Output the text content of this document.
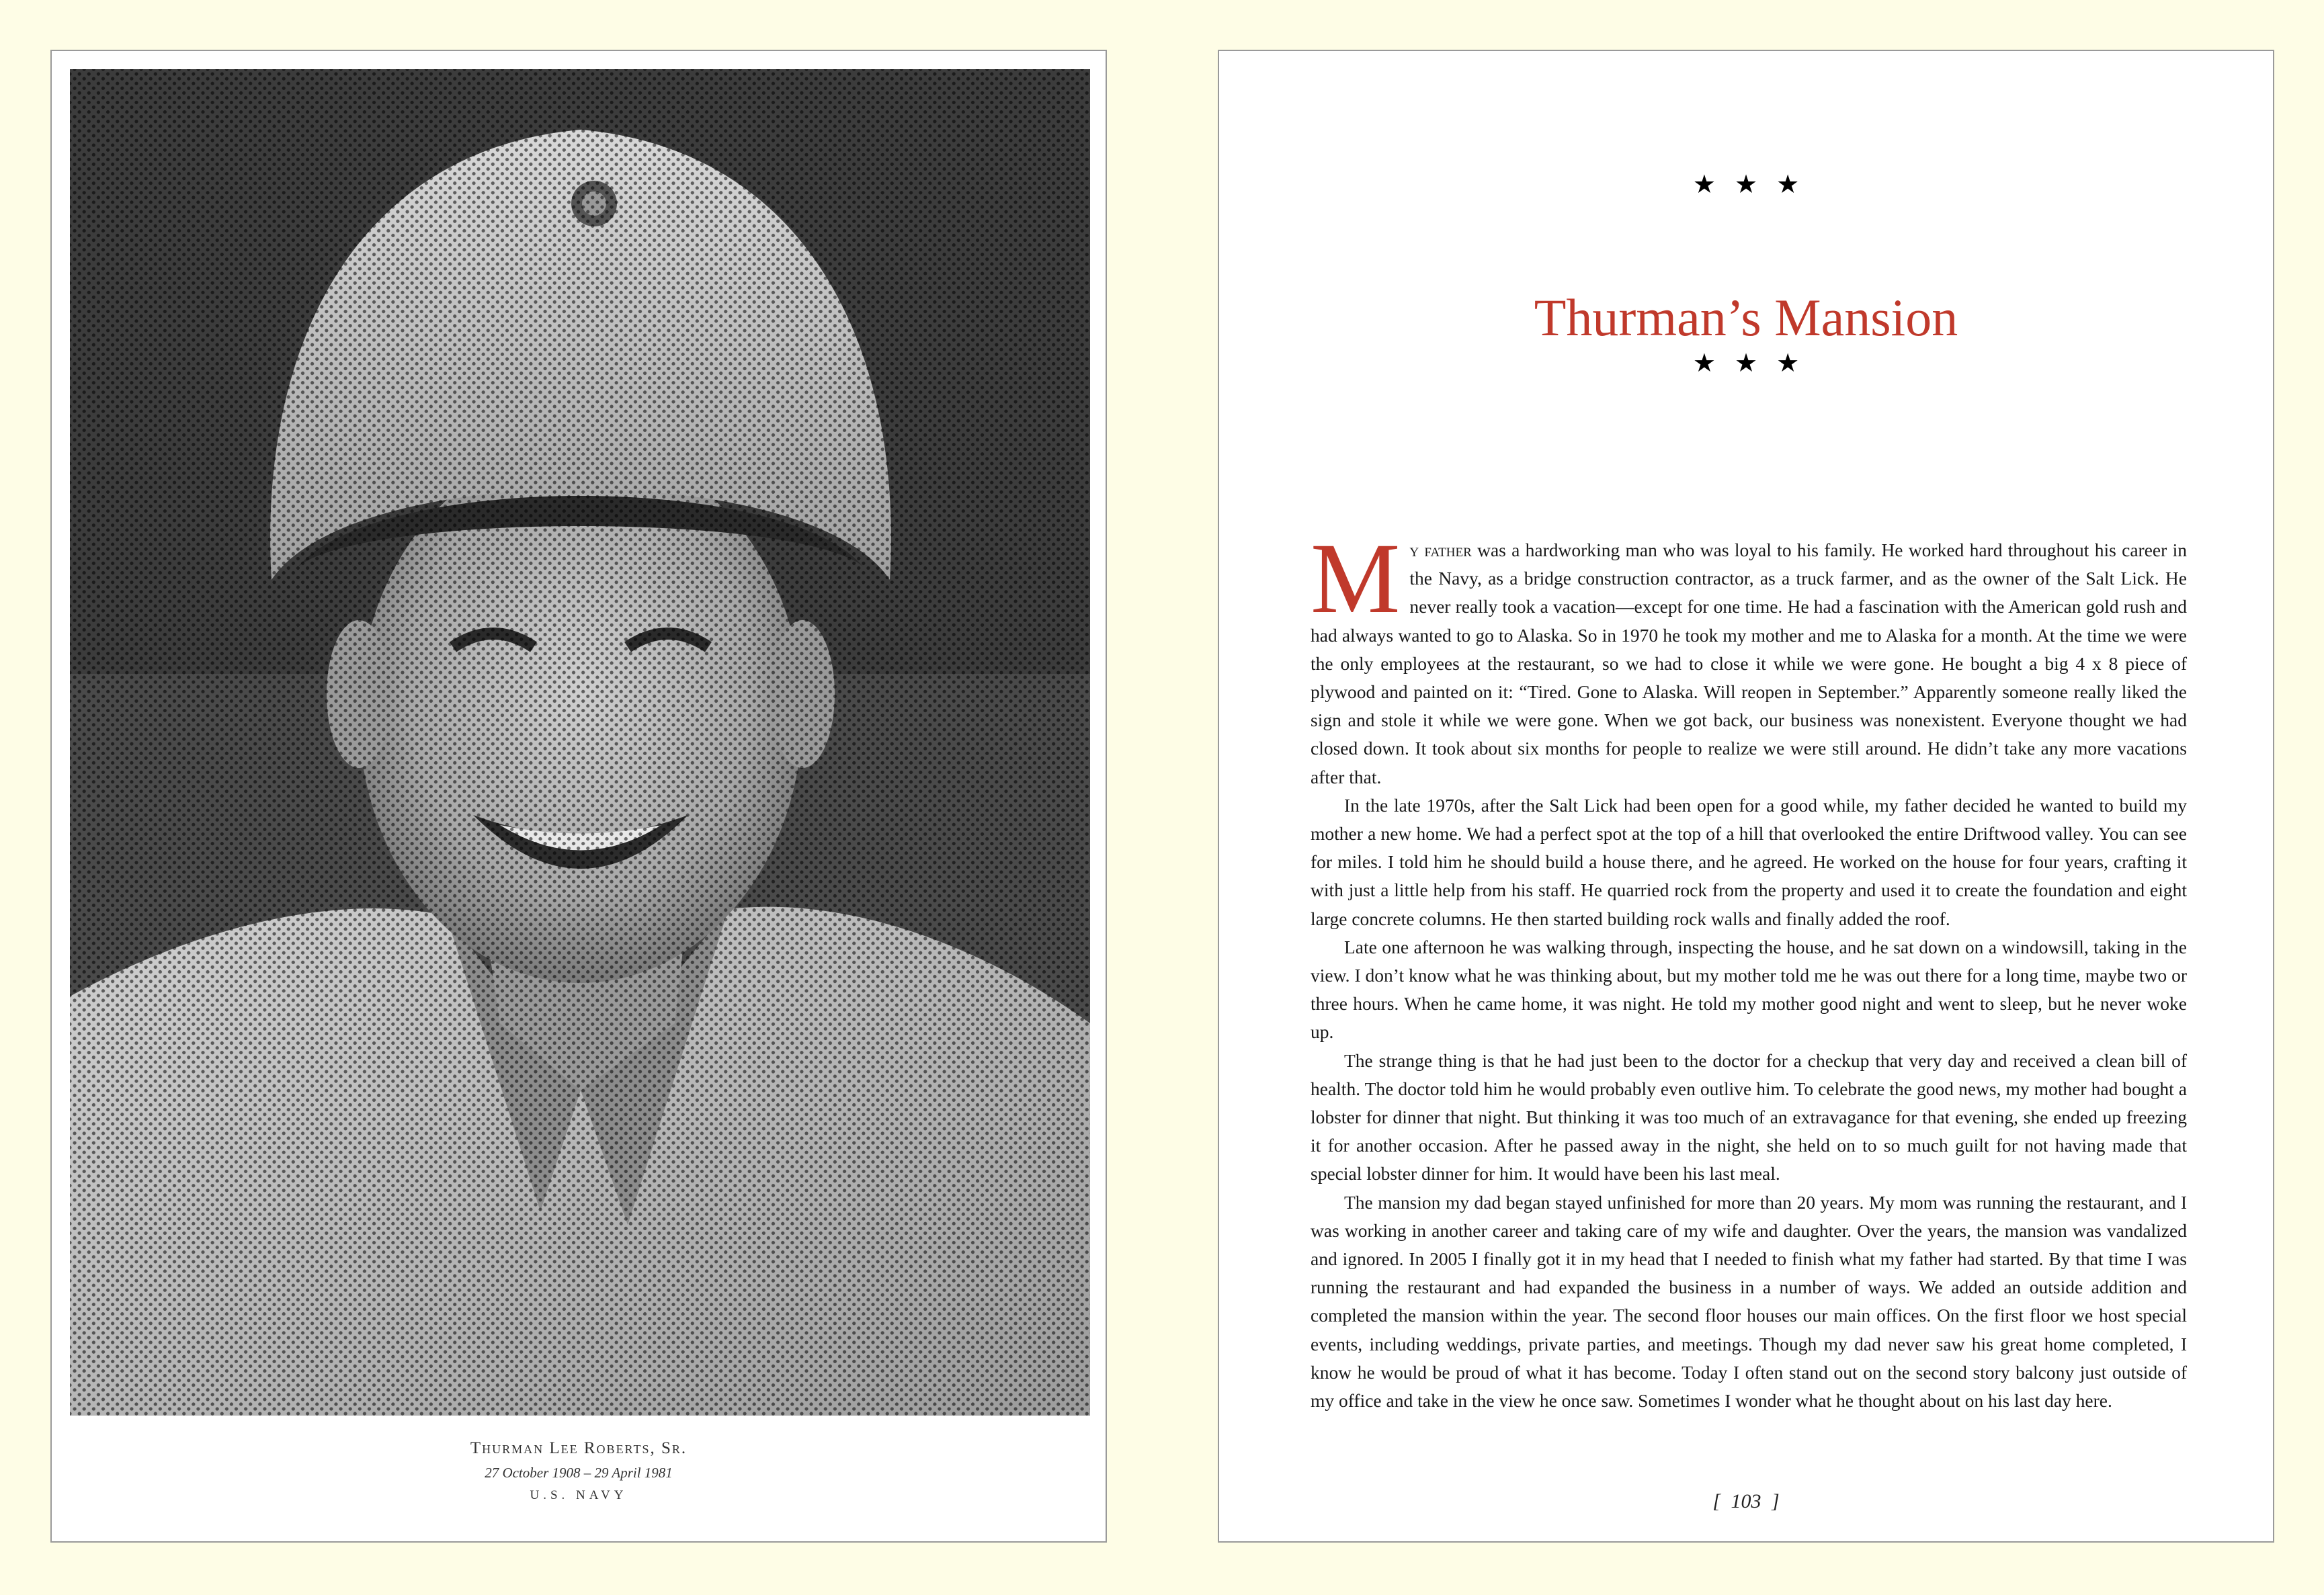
Thurman Lee Roberts, Sr.
27 October 1908 – 29 April 1981
U.S. NAVY
★ ★ ★
Thurman’s Mansion
★ ★ ★

My father was a hardworking man who was loyal to his family. He worked hard throughout his career in the Navy, as a bridge construction contractor, as a truck farmer, and as the owner of the Salt Lick. He never really took a vacation—except for one time. He had a fascination with the American gold rush and had always wanted to go to Alaska. So in 1970 he took my mother and me to Alaska for a month. At the time we were the only employees at the restaurant, so we had to close it while we were gone. He bought a big 4 x 8 piece of plywood and painted on it: “Tired. Gone to Alaska. Will reopen in September.” Apparently someone really liked the sign and stole it while we were gone. When we got back, our business was nonexistent. Everyone thought we had closed down. It took about six months for people to realize we were still around. He didn’t take any more vacations after that.

In the late 1970s, after the Salt Lick had been open for a good while, my father decided he wanted to build my mother a new home. We had a perfect spot at the top of a hill that overlooked the entire Driftwood valley. You can see for miles. I told him he should build a house there, and he agreed. He worked on the house for four years, crafting it with just a little help from his staff. He quarried rock from the property and used it to create the foundation and eight large concrete columns. He then started building rock walls and finally added the roof.

Late one afternoon he was walking through, inspecting the house, and he sat down on a windowsill, taking in the view. I don’t know what he was thinking about, but my mother told me he was out there for a long time, maybe two or three hours. When he came home, it was night. He told my mother good night and went to sleep, but he never woke up.

The strange thing is that he had just been to the doctor for a checkup that very day and received a clean bill of health. The doctor told him he would probably even outlive him. To celebrate the good news, my mother had bought a lobster for dinner that night. But thinking it was too much of an extravagance for that evening, she ended up freezing it for another occasion. After he passed away in the night, she held on to so much guilt for not having made that special lobster dinner for him. It would have been his last meal.

The mansion my dad began stayed unfinished for more than 20 years. My mom was running the restaurant, and I was working in another career and taking care of my wife and daughter. Over the years, the mansion was vandalized and ignored. In 2005 I finally got it in my head that I needed to finish what my father had started. By that time I was running the restaurant and had expanded the business in a number of ways. We added an outside addition and completed the mansion within the year. The second floor houses our main offices. On the first floor we host special events, including weddings, private parties, and meetings. Though my dad never saw his great home completed, I know he would be proud of what it has become. Today I often stand out on the second story balcony just outside of my office and take in the view he once saw. Sometimes I wonder what he thought about on his last day here.

[ 103 ]
